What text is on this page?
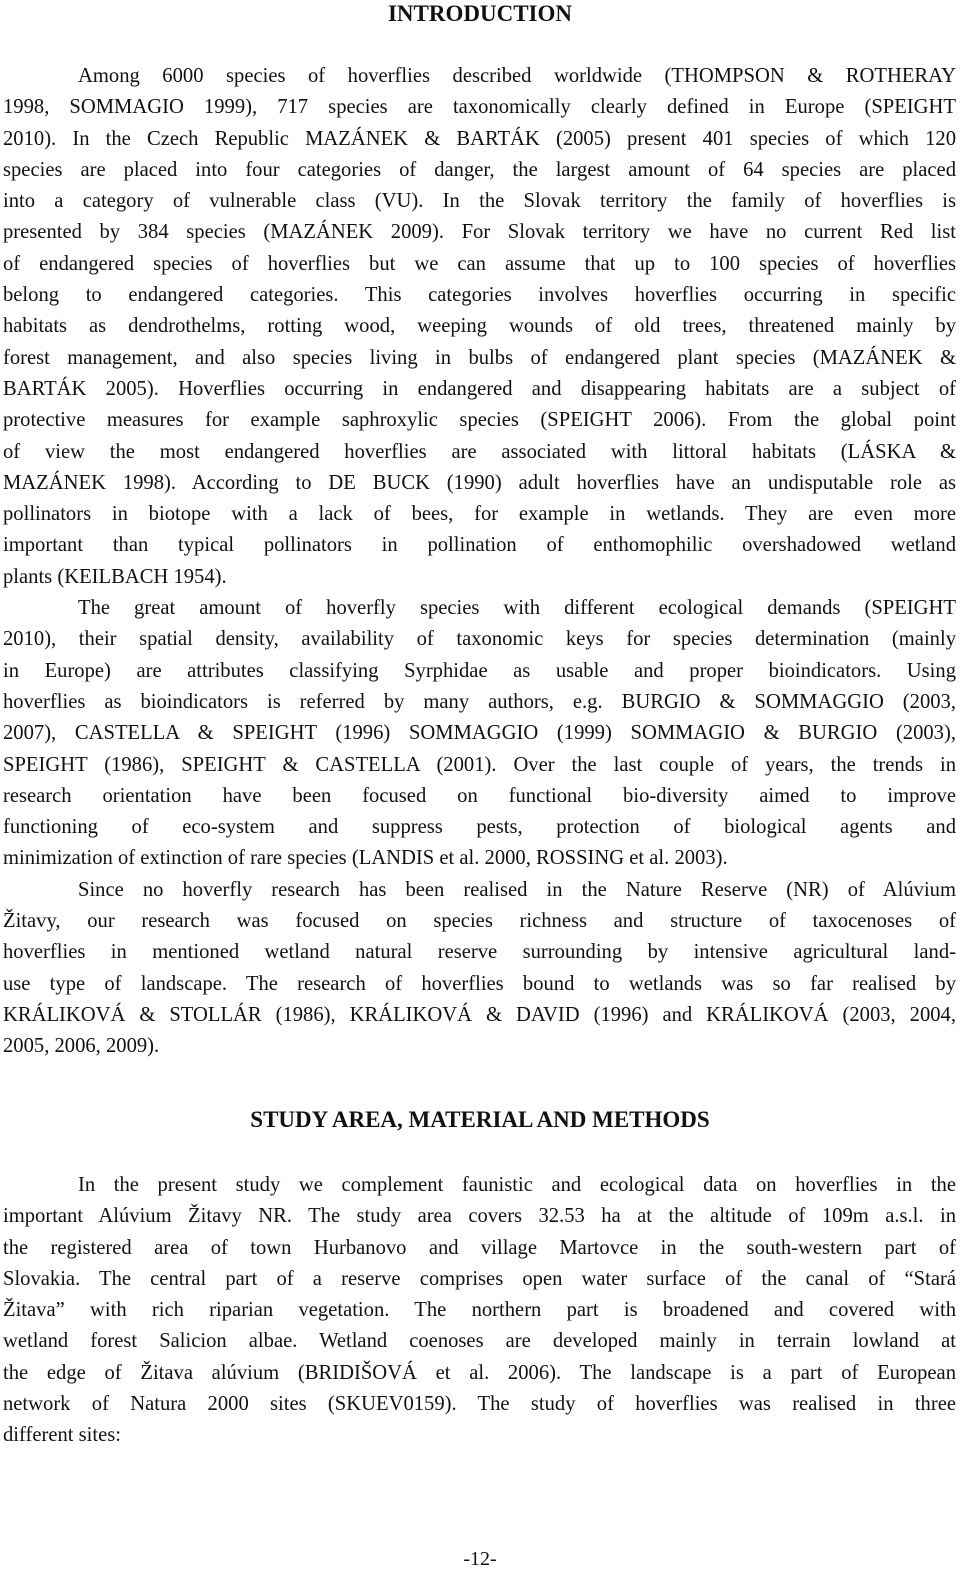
INTRODUCTION
Among 6000 species of hoverflies described worldwide (THOMPSON & ROTHERAY
1998, SOMMAGIO 1999), 717 species are taxonomically clearly defined in Europe (SPEIGHT
2010). In the Czech Republic MAZÁNEK & BARTÁK (2005) present 401 species of which 120
species are placed into four categories of danger, the largest amount of 64 species are placed
into a category of vulnerable class (VU). In the Slovak territory the family of hoverflies is
presented by 384 species (MAZÁNEK 2009). For Slovak territory we have no current Red list
of endangered species of hoverflies but we can assume that up to 100 species of hoverflies
belong to endangered categories. This categories involves hoverflies occurring in specific
habitats as dendrothelms, rotting wood, weeping wounds of old trees, threatened mainly by
forest management, and also species living in bulbs of endangered plant species (MAZÁNEK &
BARTÁK 2005). Hoverflies occurring in endangered and disappearing habitats are a subject of
protective measures for example saphroxylic species (SPEIGHT 2006). From the global point
of view the most endangered hoverflies are associated with littoral habitats (LÁSKA &
MAZÁNEK 1998). According to DE BUCK (1990) adult hoverflies have an undisputable role as
pollinators in biotope with a lack of bees, for example in wetlands. They are even more
important than typical pollinators in pollination of enthomophilic overshadowed wetland
plants (KEILBACH 1954).
The great amount of hoverfly species with different ecological demands (SPEIGHT
2010), their spatial density, availability of taxonomic keys for species determination (mainly
in Europe) are attributes classifying Syrphidae as usable and proper bioindicators. Using
hoverflies as bioindicators is referred by many authors, e.g. BURGIO & SOMMAGGIO (2003,
2007), CASTELLA & SPEIGHT (1996) SOMMAGGIO (1999) SOMMAGIO & BURGIO (2003),
SPEIGHT (1986), SPEIGHT & CASTELLA (2001). Over the last couple of years, the trends in
research orientation have been focused on functional bio-diversity aimed to improve
functioning of eco-system and suppress pests, protection of biological agents and
minimization of extinction of rare species (LANDIS et al. 2000, ROSSING et al. 2003).
Since no hoverfly research has been realised in the Nature Reserve (NR) of Alúvium
Žitavy, our research was focused on species richness and structure of taxocenoses of
hoverflies in mentioned wetland natural reserve surrounding by intensive agricultural land-
use type of landscape. The research of hoverflies bound to wetlands was so far realised by
KRÁLIKOVÁ & STOLLÁR (1986), KRÁLIKOVÁ & DAVID (1996) and KRÁLIKOVÁ (2003, 2004,
2005, 2006, 2009).
STUDY AREA, MATERIAL AND METHODS
In the present study we complement faunistic and ecological data on hoverflies in the
important Alúvium Žitavy NR. The study area covers 32.53 ha at the altitude of 109m a.s.l. in
the registered area of town Hurbanovo and village Martovce in the south-western part of
Slovakia. The central part of a reserve comprises open water surface of the canal of “Stará
Žitava” with rich riparian vegetation. The northern part is broadened and covered with
wetland forest Salicion albae. Wetland coenoses are developed mainly in terrain lowland at
the edge of Žitava alúvium (BRIDIŠOVÁ et al. 2006). The landscape is a part of European
network of Natura 2000 sites (SKUEV0159). The study of hoverflies was realised in three
different sites:
-12-
